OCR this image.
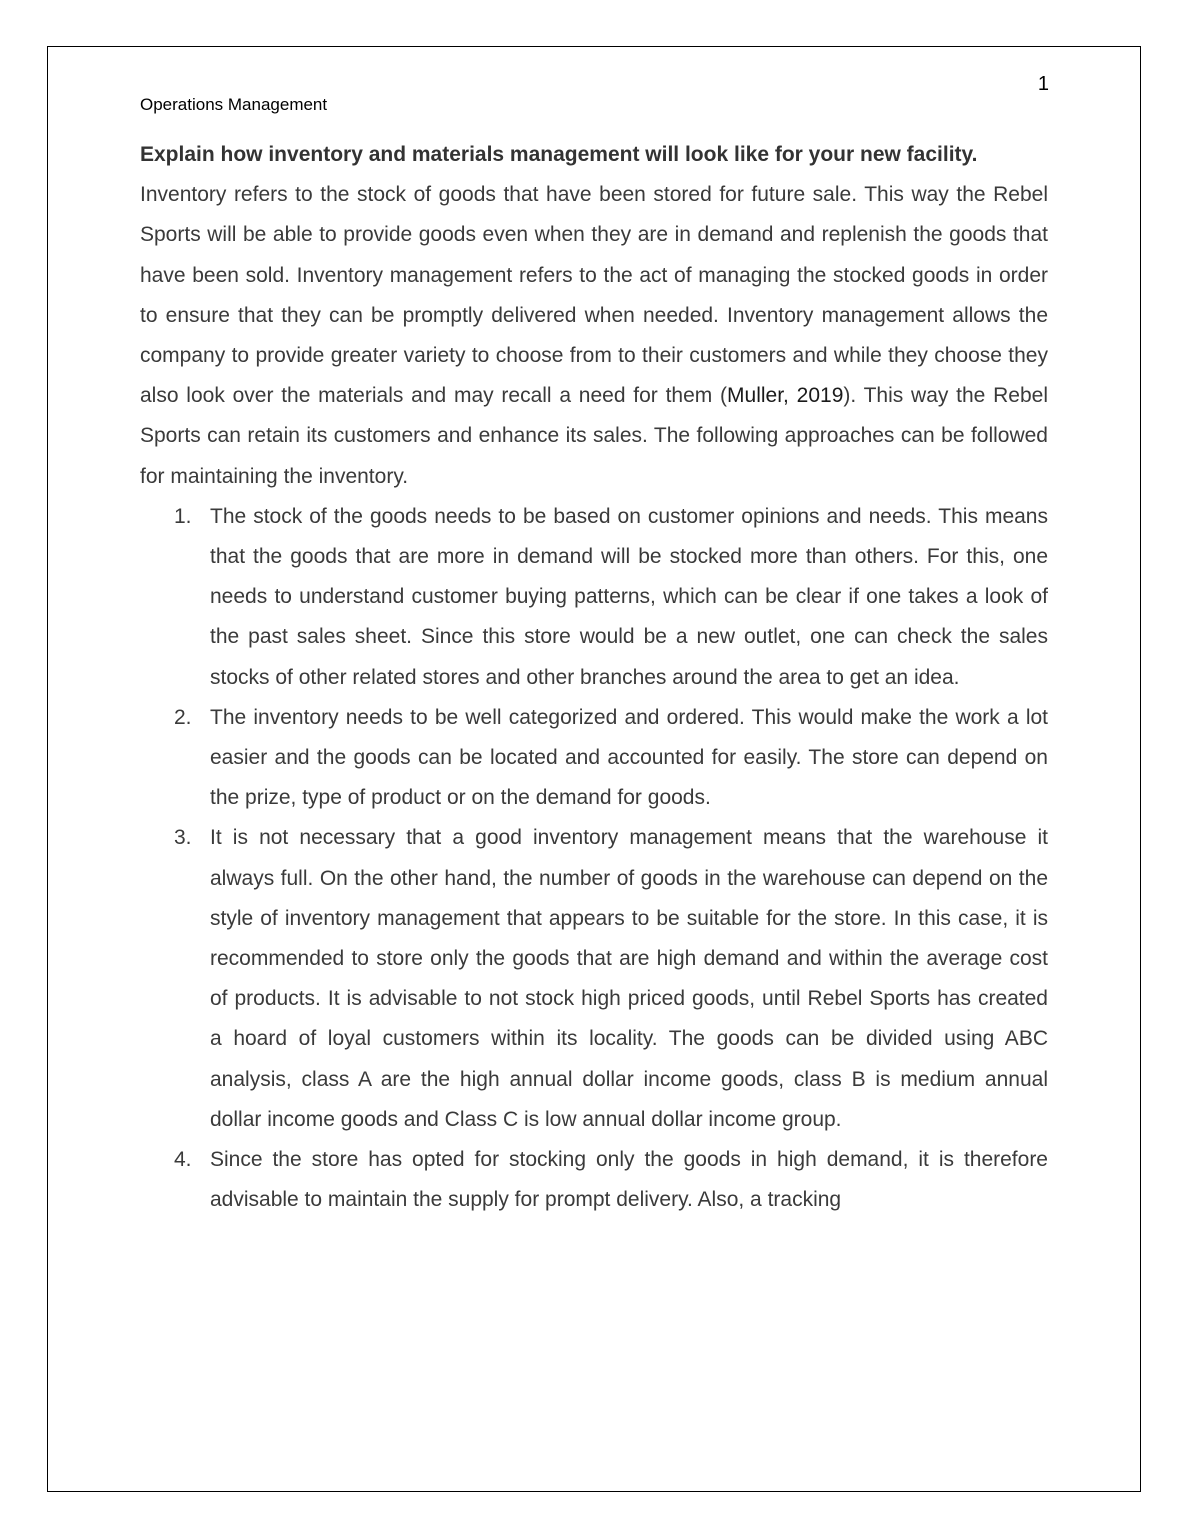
1
Operations Management

Explain how inventory and materials management will look like for your new facility.

Inventory refers to the stock of goods that have been stored for future sale. This way the Rebel Sports will be able to provide goods even when they are in demand and replenish the goods that have been sold. Inventory management refers to the act of managing the stocked goods in order to ensure that they can be promptly delivered when needed. Inventory management allows the company to provide greater variety to choose from to their customers and while they choose they also look over the materials and may recall a need for them (Muller, 2019). This way the Rebel Sports can retain its customers and enhance its sales. The following approaches can be followed for maintaining the inventory.

1. The stock of the goods needs to be based on customer opinions and needs. This means that the goods that are more in demand will be stocked more than others. For this, one needs to understand customer buying patterns, which can be clear if one takes a look of the past sales sheet. Since this store would be a new outlet, one can check the sales stocks of other related stores and other branches around the area to get an idea.
2. The inventory needs to be well categorized and ordered. This would make the work a lot easier and the goods can be located and accounted for easily. The store can depend on the prize, type of product or on the demand for goods.
3. It is not necessary that a good inventory management means that the warehouse it always full. On the other hand, the number of goods in the warehouse can depend on the style of inventory management that appears to be suitable for the store. In this case, it is recommended to store only the goods that are high demand and within the average cost of products. It is advisable to not stock high priced goods, until Rebel Sports has created a hoard of loyal customers within its locality. The goods can be divided using ABC analysis, class A are the high annual dollar income goods, class B is medium annual dollar income goods and Class C is low annual dollar income group.
4. Since the store has opted for stocking only the goods in high demand, it is therefore advisable to maintain the supply for prompt delivery. Also, a tracking
